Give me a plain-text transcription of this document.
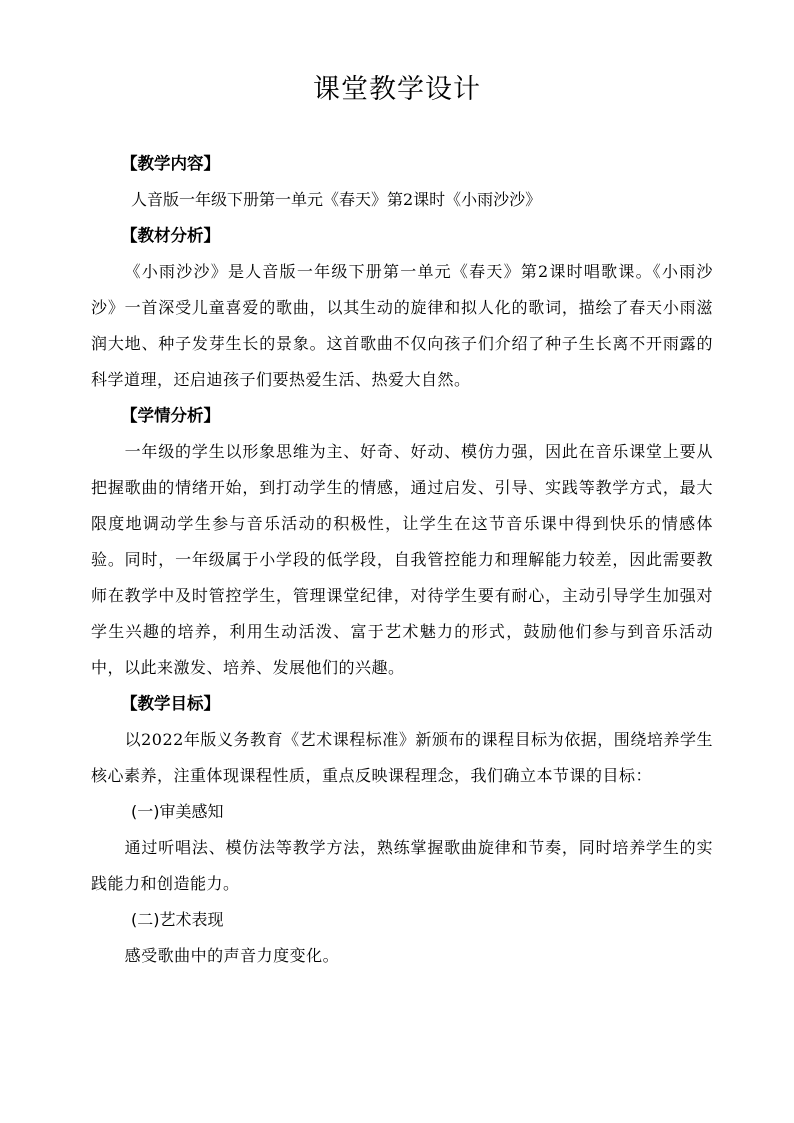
课堂教学设计
【教学内容】
人音版一年级下册第一单元《春天》第2课时《小雨沙沙》
【教材分析】
《小雨沙沙》是人音版一年级下册第一单元《春天》第2课时唱歌课。《小雨沙沙》一首深受儿童喜爱的歌曲，以其生动的旋律和拟人化的歌词，描绘了春天小雨滋润大地、种子发芽生长的景象。这首歌曲不仅向孩子们介绍了种子生长离不开雨露的科学道理，还启迪孩子们要热爱生活、热爱大自然。
【学情分析】
一年级的学生以形象思维为主、好奇、好动、模仿力强，因此在音乐课堂上要从把握歌曲的情绪开始，到打动学生的情感，通过启发、引导、实践等教学方式，最大限度地调动学生参与音乐活动的积极性，让学生在这节音乐课中得到快乐的情感体验。同时，一年级属于小学段的低学段，自我管控能力和理解能力较差，因此需要教师在教学中及时管控学生，管理课堂纪律，对待学生要有耐心，主动引导学生加强对学生兴趣的培养，利用生动活泼、富于艺术魅力的形式，鼓励他们参与到音乐活动中，以此来激发、培养、发展他们的兴趣。
【教学目标】
以2022年版义务教育《艺术课程标准》新颁布的课程目标为依据，围绕培养学生核心素养，注重体现课程性质，重点反映课程理念，我们确立本节课的目标：
(一)审美感知
通过听唱法、模仿法等教学方法，熟练掌握歌曲旋律和节奏，同时培养学生的实践能力和创造能力。
(二)艺术表现
感受歌曲中的声音力度变化。
